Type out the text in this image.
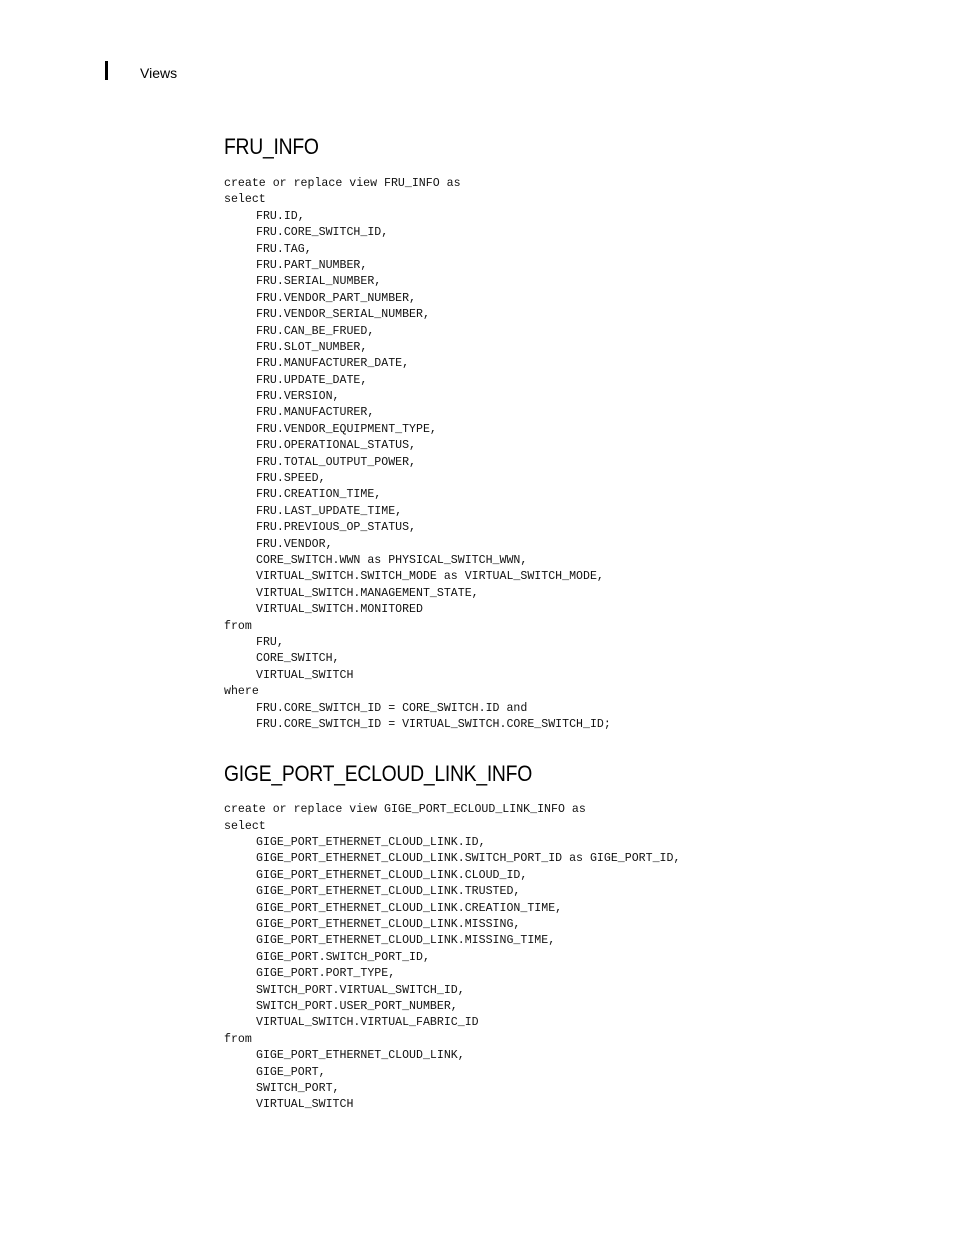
Views
FRU_INFO
create or replace view FRU_INFO as
select
FRU.ID,
FRU.CORE_SWITCH_ID,
FRU.TAG,
FRU.PART_NUMBER,
FRU.SERIAL_NUMBER,
FRU.VENDOR_PART_NUMBER,
FRU.VENDOR_SERIAL_NUMBER,
FRU.CAN_BE_FRUED,
FRU.SLOT_NUMBER,
FRU.MANUFACTURER_DATE,
FRU.UPDATE_DATE,
FRU.VERSION,
FRU.MANUFACTURER,
FRU.VENDOR_EQUIPMENT_TYPE,
FRU.OPERATIONAL_STATUS,
FRU.TOTAL_OUTPUT_POWER,
FRU.SPEED,
FRU.CREATION_TIME,
FRU.LAST_UPDATE_TIME,
FRU.PREVIOUS_OP_STATUS,
FRU.VENDOR,
CORE_SWITCH.WWN as PHYSICAL_SWITCH_WWN,
VIRTUAL_SWITCH.SWITCH_MODE as VIRTUAL_SWITCH_MODE,
VIRTUAL_SWITCH.MANAGEMENT_STATE,
VIRTUAL_SWITCH.MONITORED
from
FRU,
CORE_SWITCH,
VIRTUAL_SWITCH
where
FRU.CORE_SWITCH_ID = CORE_SWITCH.ID and
FRU.CORE_SWITCH_ID = VIRTUAL_SWITCH.CORE_SWITCH_ID;
GIGE_PORT_ECLOUD_LINK_INFO
create or replace view GIGE_PORT_ECLOUD_LINK_INFO as
select
GIGE_PORT_ETHERNET_CLOUD_LINK.ID,
GIGE_PORT_ETHERNET_CLOUD_LINK.SWITCH_PORT_ID as GIGE_PORT_ID,
GIGE_PORT_ETHERNET_CLOUD_LINK.CLOUD_ID,
GIGE_PORT_ETHERNET_CLOUD_LINK.TRUSTED,
GIGE_PORT_ETHERNET_CLOUD_LINK.CREATION_TIME,
GIGE_PORT_ETHERNET_CLOUD_LINK.MISSING,
GIGE_PORT_ETHERNET_CLOUD_LINK.MISSING_TIME,
GIGE_PORT.SWITCH_PORT_ID,
GIGE_PORT.PORT_TYPE,
SWITCH_PORT.VIRTUAL_SWITCH_ID,
SWITCH_PORT.USER_PORT_NUMBER,
VIRTUAL_SWITCH.VIRTUAL_FABRIC_ID
from
GIGE_PORT_ETHERNET_CLOUD_LINK,
GIGE_PORT,
SWITCH_PORT,
VIRTUAL_SWITCH
